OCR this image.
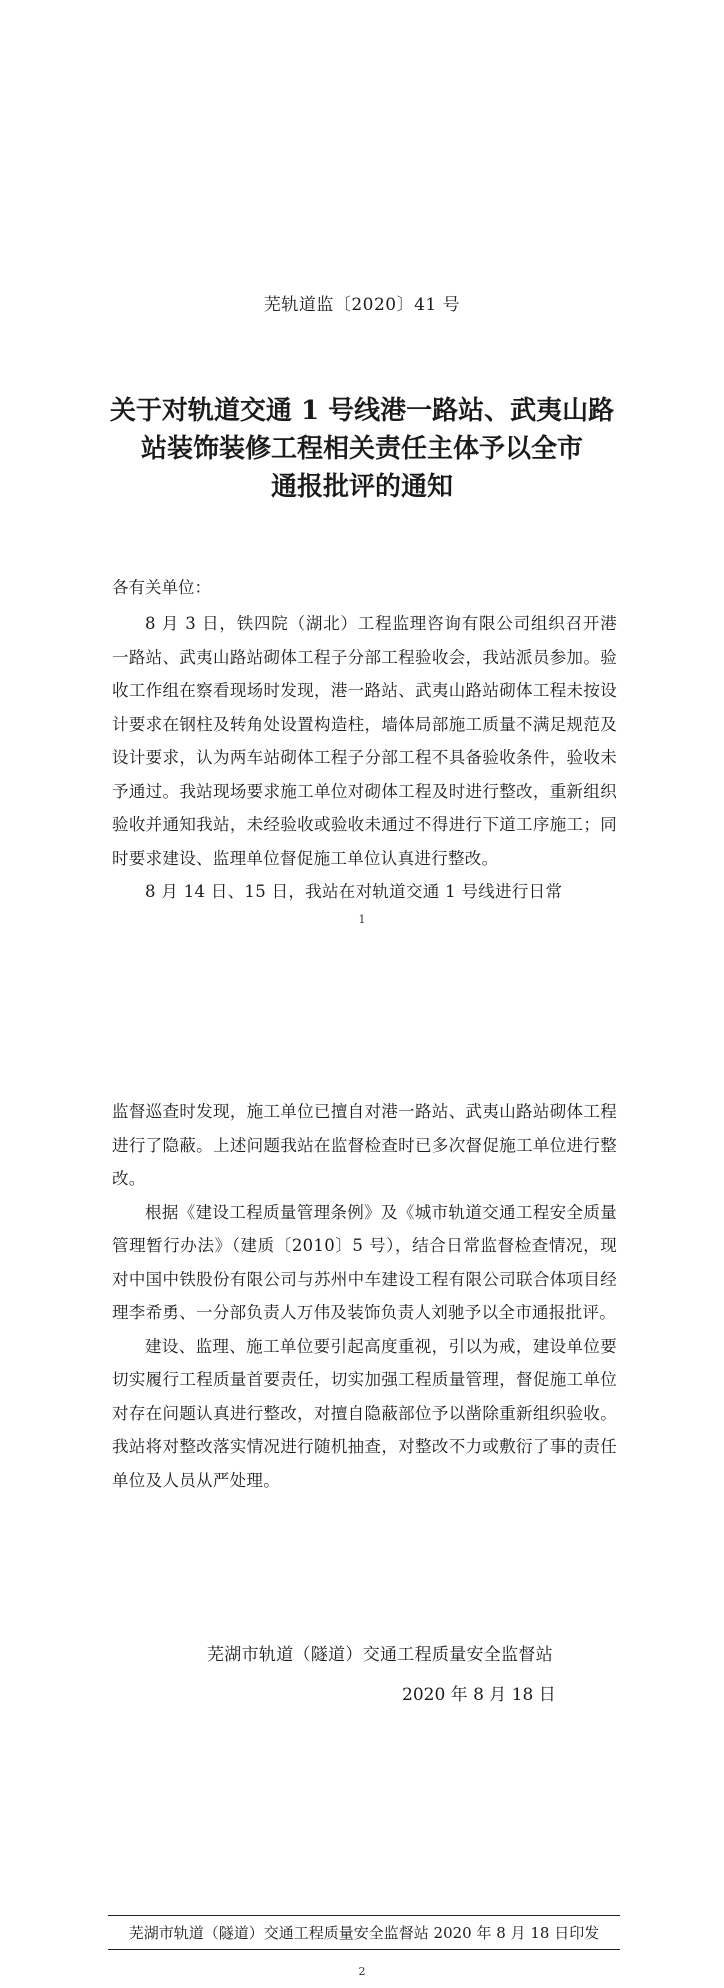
芜轨道监〔2020〕41 号
关于对轨道交通 1 号线港一路站、武夷山路
站装饰装修工程相关责任主体予以全市
通报批评的通知
各有关单位：

8 月 3 日，铁四院（湖北）工程监理咨询有限公司组织召开港一路站、武夷山路站砌体工程子分部工程验收会，我站派员参加。验收工作组在察看现场时发现，港一路站、武夷山路站砌体工程未按设计要求在钢柱及转角处设置构造柱，墙体局部施工质量不满足规范及设计要求，认为两车站砌体工程子分部工程不具备验收条件，验收未予通过。我站现场要求施工单位对砌体工程及时进行整改，重新组织验收并通知我站，未经验收或验收未通过不得进行下道工序施工；同时要求建设、监理单位督促施工单位认真进行整改。

8 月 14 日、15 日，我站在对轨道交通 1 号线进行日常

1

监督巡查时发现，施工单位已擅自对港一路站、武夷山路站砌体工程进行了隐蔽。上述问题我站在监督检查时已多次督促施工单位进行整改。

根据《建设工程质量管理条例》及《城市轨道交通工程安全质量管理暂行办法》（建质〔2010〕5 号），结合日常监督检查情况，现对中国中铁股份有限公司与苏州中车建设工程有限公司联合体项目经理李希勇、一分部负责人万伟及装饰负责人刘驰予以全市通报批评。

建设、监理、施工单位要引起高度重视，引以为戒，建设单位要切实履行工程质量首要责任，切实加强工程质量管理，督促施工单位对存在问题认真进行整改，对擅自隐蔽部位予以凿除重新组织验收。我站将对整改落实情况进行随机抽查，对整改不力或敷衍了事的责任单位及人员从严处理。

芜湖市轨道（隧道）交通工程质量安全监督站
2020 年 8 月 18 日
芜湖市轨道（隧道）交通工程质量安全监督站 2020 年 8 月 18 日印发
2
